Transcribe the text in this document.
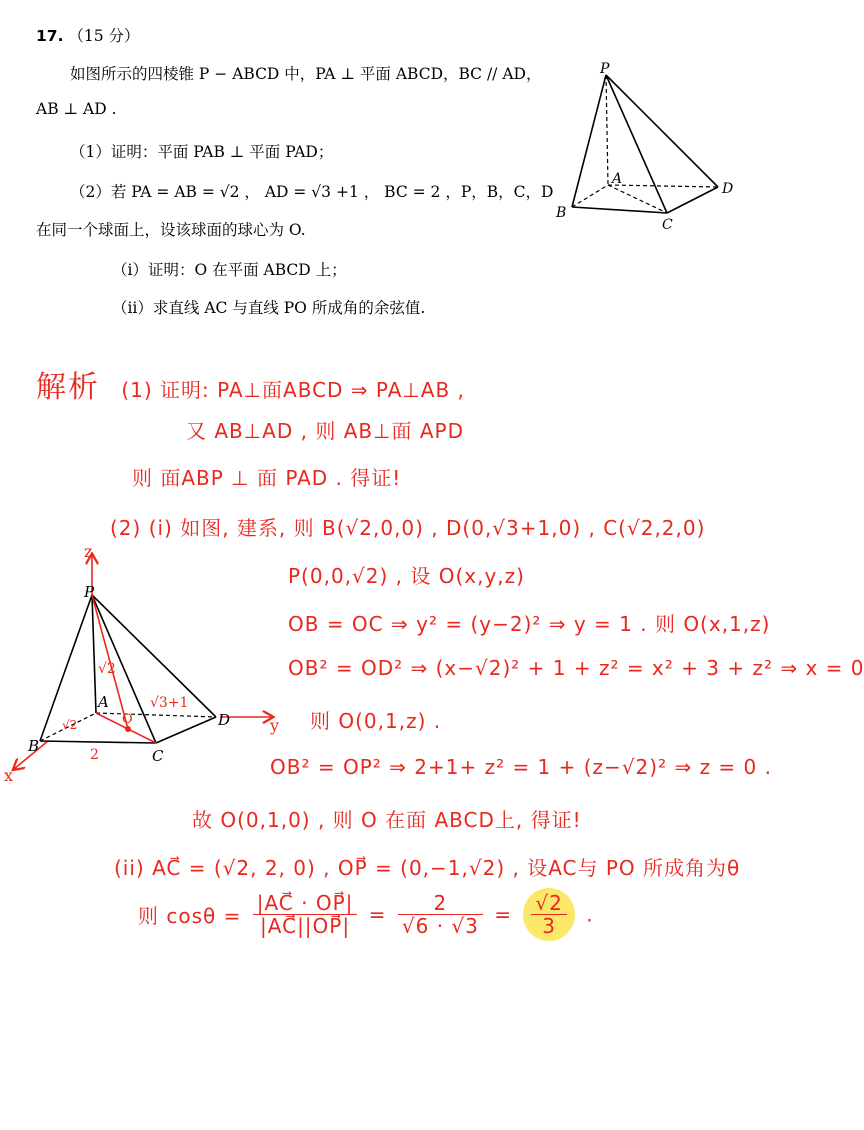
17. （15 分）
如图所示的四棱锥 P − ABCD 中，PA ⊥ 平面 ABCD，BC // AD，
AB ⊥ AD .
（1）证明：平面 PAB ⊥ 平面 PAD；
（2）若 PA = AB = √2 ， AD = √3 +1 ， BC = 2 ，P，B，C，D
在同一个球面上，设该球面的球心为 O.
（ⅰ）证明：O 在平面 ABCD 上；
（ⅱ）求直线 AC 与直线 PO 所成角的余弦值.
P
A
B
C
D
解析 (1) 证明: PA⊥面ABCD ⇒ PA⊥AB ,
又 AB⊥AD , 则 AB⊥面 APD
则 面ABP ⊥ 面 PAD . 得证!
(2) (i) 如图, 建系, 则 B(√2,0,0) , D(0,√3+1,0) , C(√2,2,0)
P(0,0,√2) , 设 O(x,y,z)
OB = OC ⇒ y² = (y−2)² ⇒ y = 1 . 则 O(x,1,z)
OB² = OD² ⇒ (x−√2)² + 1 + z² = x² + 3 + z² ⇒ x = 0
则 O(0,1,z) .
OB² = OP² ⇒ 2+1+ z² = 1 + (z−√2)² ⇒ z = 0 .
故 O(0,1,0) , 则 O 在面 ABCD上, 得证!
(ii) AC⃗ = (√2, 2, 0) , OP⃗ = (0,−1,√2) , 设AC与 PO 所成角为θ
则 $\cos\theta = \frac{|AC⃗ \cdot OP⃗|}{|AC⃗||OP⃗|} = \frac{2}{√6 \cdot √3} = \frac{√2}{3}$ .
z
y
x
P
A
B
C
D
O
√2
√3+1
√2
2
